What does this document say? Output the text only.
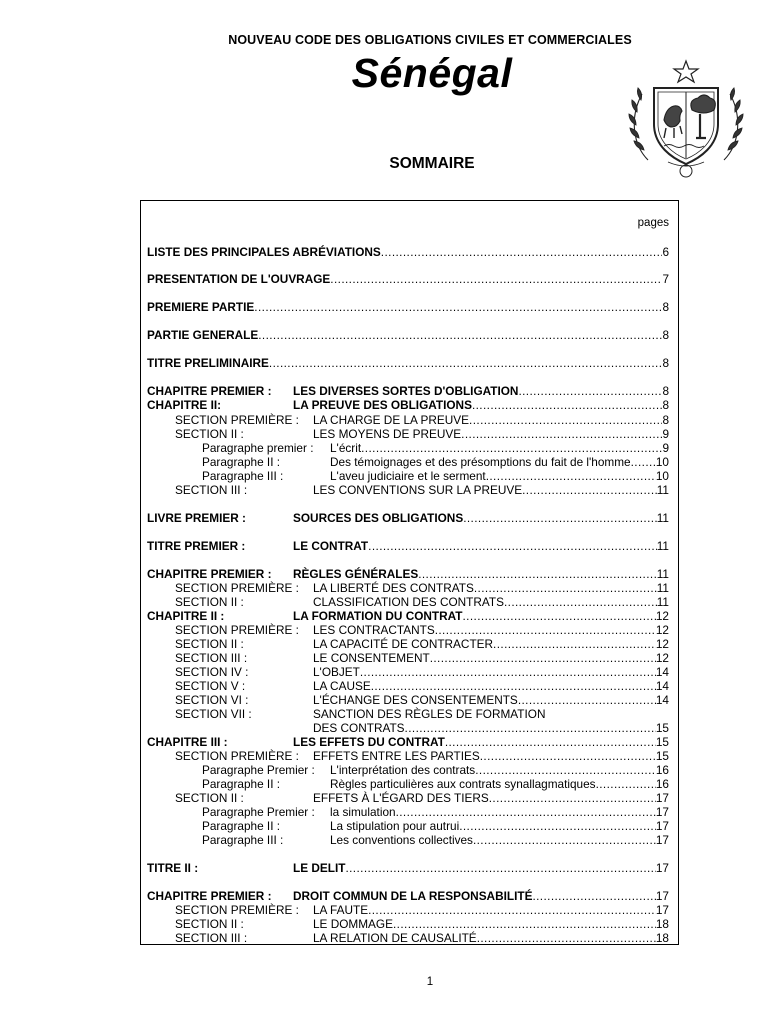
NOUVEAU CODE DES OBLIGATIONS CIVILES ET COMMERCIALES
Sénégal
SOMMAIRE
pages
LISTE DES PRINCIPALES ABRÉVIATIONS .....	6
PRESENTATION DE L'OUVRAGE .....	7
PREMIERE PARTIE .....	8
PARTIE GENERALE .....	8
TITRE PRELIMINAIRE .....	8
CHAPITRE PREMIER :	LES DIVERSES SORTES D'OBLIGATION .....	8
CHAPITRE II:	LA PREUVE DES OBLIGATIONS .....	8
SECTION PREMIÈRE :	LA CHARGE DE LA PREUVE .....	8
SECTION II :	LES MOYENS DE PREUVE .....	9
Paragraphe premier :	L'écrit .....	9
Paragraphe II :	Des témoignages et des présomptions du fait de l'homme ..... 10
Paragraphe III :	L'aveu judiciaire et le serment .....	10
SECTION III :	LES CONVENTIONS SUR LA PREUVE .....	11
LIVRE PREMIER :	SOURCES DES OBLIGATIONS .....	11
TITRE PREMIER :	LE CONTRAT .....	11
CHAPITRE PREMIER :	RÈGLES GÉNÉRALES .....	11
SECTION PREMIÈRE :	LA LIBERTÉ DES CONTRATS .....	11
SECTION II :	CLASSIFICATION DES CONTRATS .....	11
CHAPITRE II :	LA FORMATION DU CONTRAT .....	12
SECTION PREMIÈRE :	LES CONTRACTANTS .....	12
SECTION II :	LA CAPACITÉ DE CONTRACTER .....	12
SECTION III :	LE CONSENTEMENT .....	12
SECTION IV :	L'OBJET .....	14
SECTION V :	LA CAUSE .....	14
SECTION VI :	L'ÉCHANGE DES CONSENTEMENTS .....	14
SECTION VII :	SANCTION DES RÈGLES DE FORMATION
DES CONTRATS .....	15
CHAPITRE III :	LES EFFETS DU CONTRAT .....	15
SECTION PREMIÈRE :	EFFETS ENTRE LES PARTIES .....	15
Paragraphe Premier :	L'interprétation des contrats .....	16
Paragraphe II :	Règles particulières aux contrats synallagmatiques .....	16
SECTION II :	EFFETS À L'ÉGARD DES TIERS .....	17
Paragraphe Premier :	la simulation .....	17
Paragraphe II :	La stipulation pour autrui .....	17
Paragraphe III :	Les conventions collectives .....	17
TITRE II :	LE DELIT .....	17
CHAPITRE PREMIER :	DROIT COMMUN DE LA RESPONSABILITÉ .....	17
SECTION PREMIÈRE :	LA FAUTE .....	17
SECTION II :	LE DOMMAGE .....	18
SECTION III :	LA RELATION DE CAUSALITÉ .....	18
1
